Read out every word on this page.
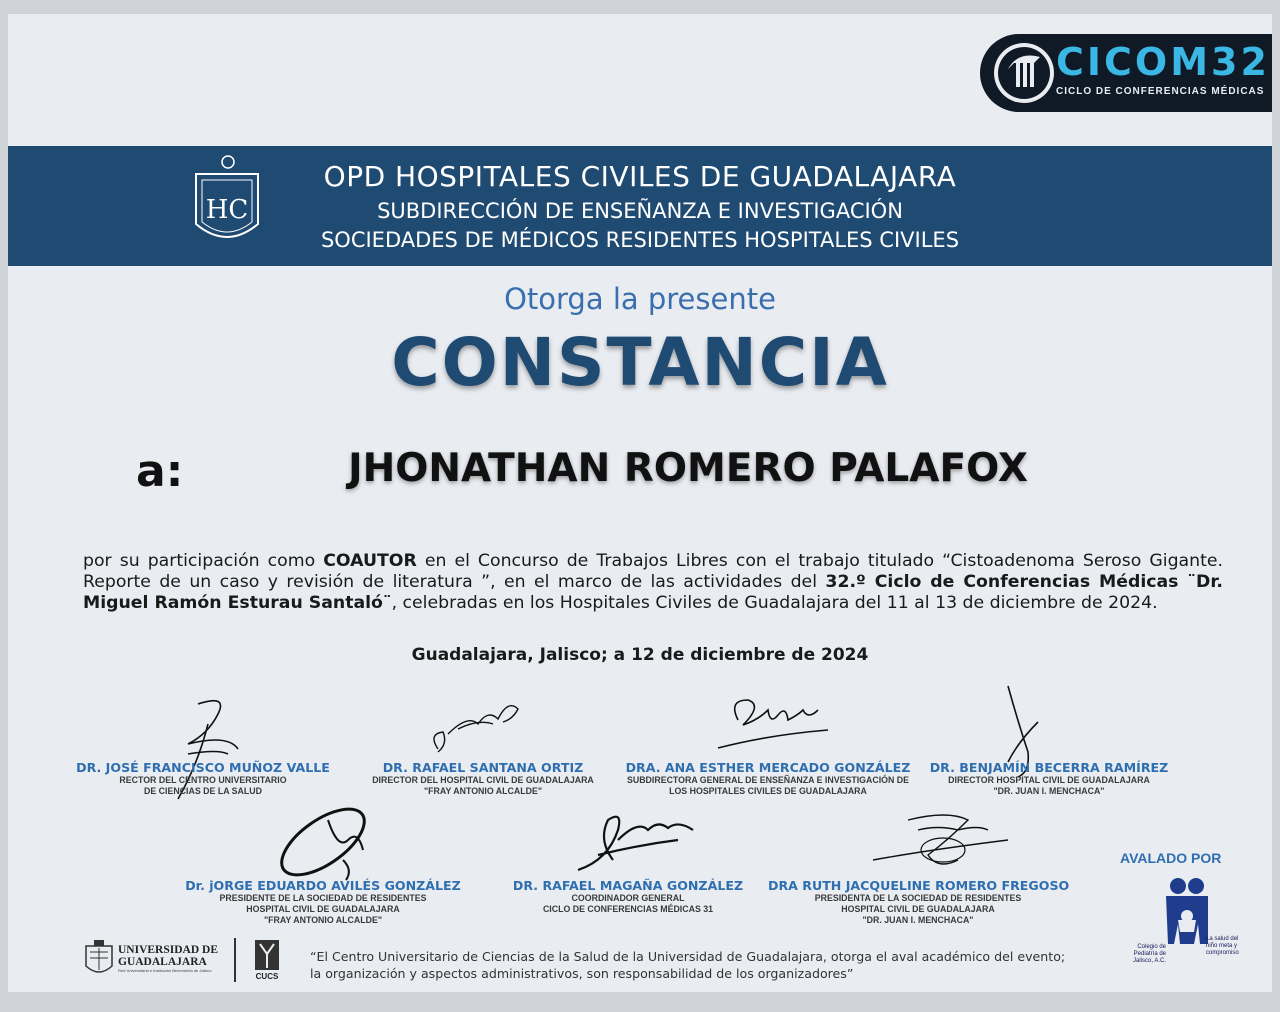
CICOM32
CICLO DE CONFERENCIAS MÉDICAS
HC
OPD HOSPITALES CIVILES DE GUADALAJARA
SUBDIRECCIÓN DE ENSEÑANZA E INVESTIGACIÓN
SOCIEDADES DE MÉDICOS RESIDENTES HOSPITALES CIVILES
Otorga la presente
CONSTANCIA
a:	JHONATHAN ROMERO PALAFOX
por su participación como COAUTOR en el Concurso de Trabajos Libres con el trabajo titulado “Cistoadenoma Seroso Gigante. Reporte de un caso y revisión de literatura ”, en el marco de las actividades del 32.º Ciclo de Conferencias Médicas ¨Dr. Miguel Ramón Esturau Santaló¨, celebradas en los Hospitales Civiles de Guadalajara del 11 al 13 de diciembre de 2024.
Guadalajara, Jalisco; a 12 de diciembre de 2024
DR. JOSÉ FRANCISCO MUÑOZ VALLE
RECTOR DEL CENTRO UNIVERSITARIO
DE CIENCIAS DE LA SALUD
DR. RAFAEL SANTANA ORTIZ
DIRECTOR DEL HOSPITAL CIVIL DE GUADALAJARA
"FRAY ANTONIO ALCALDE"
DRA. ANA ESTHER MERCADO GONZÁLEZ
SUBDIRECTORA GENERAL DE ENSEÑANZA E INVESTIGACIÓN DE
LOS HOSPITALES CIVILES DE GUADALAJARA
DR. BENJAMÍN BECERRA RAMÍREZ
DIRECTOR HOSPITAL CIVIL DE GUADALAJARA
"DR. JUAN I. MENCHACA"
Dr. jORGE EDUARDO AVILÉS GONZÁLEZ
PRESIDENTE DE LA SOCIEDAD DE RESIDENTES
HOSPITAL CIVIL DE GUADALAJARA
"FRAY ANTONIO ALCALDE"
DR. RAFAEL MAGAÑA GONZÁLEZ
COORDINADOR GENERAL
CICLO DE CONFERENCIAS MÉDICAS 31
DRA RUTH JACQUELINE ROMERO FREGOSO
PRESIDENTA DE LA SOCIEDAD DE RESIDENTES
HOSPITAL CIVIL DE GUADALAJARA
"DR. JUAN I. MENCHACA"
AVALADO POR
Colegio de Pediatría de Jalisco, A.C.
La salud del niño meta y compromiso
UNIVERSIDAD DE GUADALAJARA
Red Universitaria e Institución Benemérita de Jalisco
CUCS
“El Centro Universitario de Ciencias de la Salud de la Universidad de Guadalajara, otorga el aval académico del evento;
la organización y aspectos administrativos, son responsabilidad de los organizadores”
